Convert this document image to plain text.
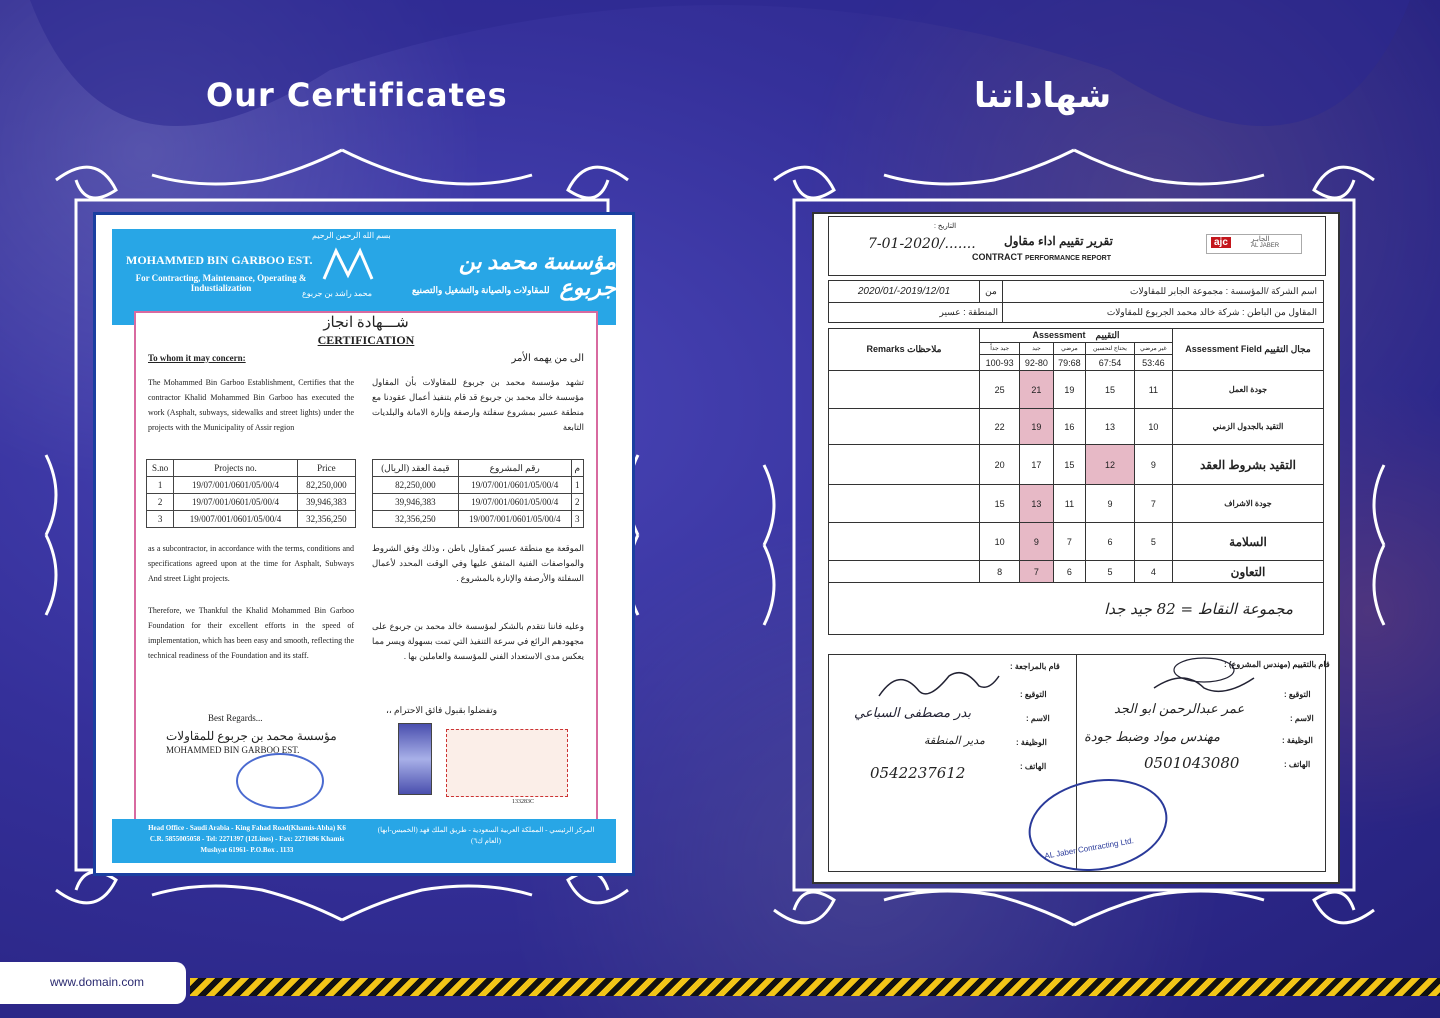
Our Certificates	شهاداتنا
بسم الله الرحمن الرحيم
MOHAMMED BIN GARBOO EST.
For Contracting, Maintenance, Operating & Industialization
محمد راشد بن جربوع
مؤسسة محمد بن جربوع
للمقاولات والصيانة والتشغيل والتصنيع
شـــهادة انجاز
CERTIFICATION
To whom it may concern:	الى من يهمه الأمر
The Mohammed Bin Garboo Establishment, Certifies that the contractor Khalid Mohammed Bin Garboo has executed the work (Asphalt, subways, sidewalks and street lights) under the projects with the Municipality of Assir region
تشهد مؤسسة محمد بن جربوع للمقاولات بأن المقاول مؤسسة خالد محمد بن جربوع قد قام بتنفيذ أعمال عقودنا مع منطقة عسير بمشروع سفلتة وارصفة وإنارة الامانة والبلديات التابعة
S.no	Projects no.	Price
1	19/07/001/0601/05/00/4	82,250,000
2	19/07/001/0601/05/00/4	39,946,383
3	19/007/001/0601/05/00/4	32,356,250
قيمة العقد (الريال)	رقم المشروع	م
82,250,000	19/07/001/0601/05/00/4	1
39,946,383	19/07/001/0601/05/00/4	2
32,356,250	19/007/001/0601/05/00/4	3
as a subcontractor, in accordance with the terms, conditions and specifications agreed upon at the time for Asphalt, Subways And street Light projects.
الموقعة مع منطقة عسير كمقاول باطن ، وذلك وفق الشروط والمواصفات الفنية المتفق عليها وفي الوقت المحدد لأعمال السفلتة والأرصفة والإنارة بالمشروع .
Therefore, we Thankful the Khalid Mohammed Bin Garboo Foundation for their excellent efforts in the speed of implementation, which has been easy and smooth, reflecting the technical readiness of the Foundation and its staff.
وعليه فاننا نتقدم بالشكر لمؤسسة خالد محمد بن جربوع على مجهودهم الرائع في سرعة التنفيذ التي تمت بسهولة ويسر مما يعكس مدى الاستعداد الفني للمؤسسة والعاملين بها .
وتفضلوا بقبول فائق الاحترام ،،
Best Regards...
مؤسسة محمد بن جربوع للمقاولات
MOHAMMED BIN GARBOO EST.
133283C
Head Office - Saudi Arabia - King Fahad Road(Khamis-Abha) K6 C.R. 5855005058 - Tel: 2271397 (12Lines) - Fax: 2271696 Khamis Mushyat 61961- P.O.Box . 1133
المركز الرئيسي - المملكة العربية السعودية - طريق الملك فهد (الخميس-ابها) (العام ك٦)
التاريخ :
7-01-2020/....... تقرير تقييم اداء مقاول
CONTRACT PERFORMANCE REPORT
ajc	الجابـر
AL JABER
2020/01/-2019/12/01	من	اسم الشركة /المؤسسة : مجموعة الجابر للمقاولات
المنطقة : عسير		المقاول من الباطن : شركة خالد محمد الجربوع للمقاولات
Remarks ملاحظات	Assessment التقييم					Assessment Field مجال التقييم
	جيد جداً	جيد	مرضي	يحتاج لتحسين	غير مرضي	
	100-93	92-80	79:68	67:54	53:46	
	25	21	19	15	11	جودة العمل
	22	19	16	13	10	التقيد بالجدول الزمني
	20	17	15	12	9	التقيد بشروط العقد
	15	13	11	9	7	جودة الاشراف
	10	9	7	6	5	السلامة
	8	7	6	5	4	التعاون
مجموعة النقاط = 82 جيد جدا						
قام بالمراجعة :
التوقيع :
الاسم :
بدر مصطفى السباعي
الوظيفة :
مدير المنطقة
الهاتف :
0542237612
قام بالتقييم (مهندس المشروع) :
التوقيع :
الاسم :
عمر عبدالرحمن ابو الجد
الوظيفة :
مهندس مواد وضبط جودة
الهاتف :
0501043080
AL Jaber Contracting Ltd.
www.domain.com
